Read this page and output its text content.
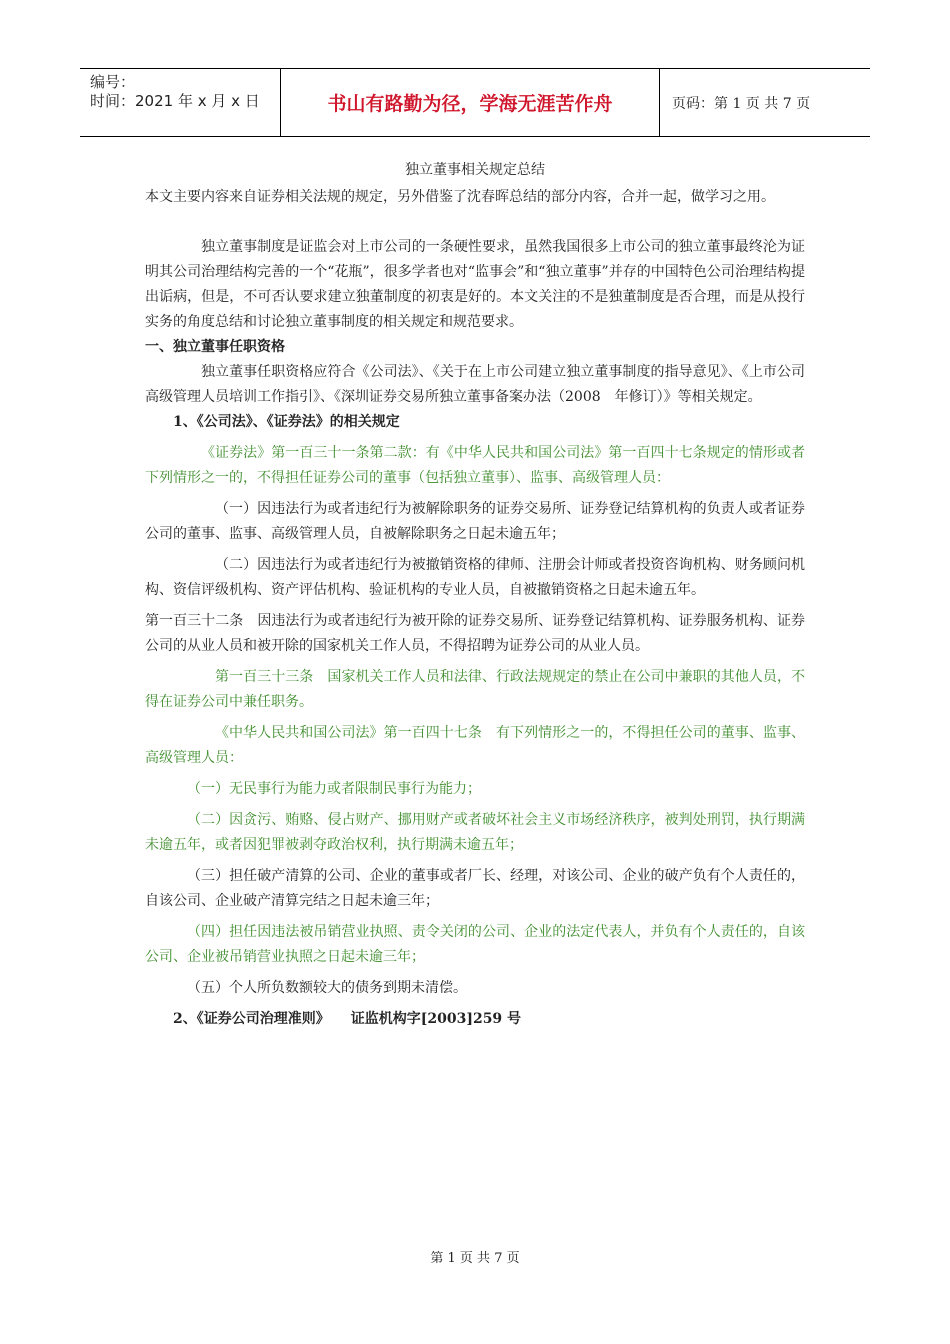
编号：
时间：2021 年 x 月 x 日	书山有路勤为径，学海无涯苦作舟	页码：第 1 页 共 7 页

独立董事相关规定总结

本文主要内容来自证券相关法规的规定，另外借鉴了沈春晖总结的部分内容，合并一起，做学习之用。

独立董事制度是证监会对上市公司的一条硬性要求，虽然我国很多上市公司的独立董事最终沦为证明其公司治理结构完善的一个“花瓶”，很多学者也对“监事会”和“独立董事”并存的中国特色公司治理结构提出诟病，但是，不可否认要求建立独董制度的初衷是好的。本文关注的不是独董制度是否合理，而是从投行实务的角度总结和讨论独立董事制度的相关规定和规范要求。

一、独立董事任职资格

独立董事任职资格应符合《公司法》、《关于在上市公司建立独立董事制度的指导意见》、《上市公司高级管理人员培训工作指引》、《深圳证券交易所独立董事备案办法（2008　年修订）》等相关规定。

1、《公司法》、《证券法》的相关规定

《证券法》第一百三十一条第二款：有《中华人民共和国公司法》第一百四十七条规定的情形或者下列情形之一的，不得担任证券公司的董事（包括独立董事）、监事、高级管理人员：

（一）因违法行为或者违纪行为被解除职务的证券交易所、证券登记结算机构的负责人或者证券公司的董事、监事、高级管理人员，自被解除职务之日起未逾五年；

（二）因违法行为或者违纪行为被撤销资格的律师、注册会计师或者投资咨询机构、财务顾问机构、资信评级机构、资产评估机构、验证机构的专业人员，自被撤销资格之日起未逾五年。

第一百三十二条　因违法行为或者违纪行为被开除的证券交易所、证券登记结算机构、证券服务机构、证券公司的从业人员和被开除的国家机关工作人员，不得招聘为证券公司的从业人员。

第一百三十三条　国家机关工作人员和法律、行政法规规定的禁止在公司中兼职的其他人员，不得在证券公司中兼任职务。

《中华人民共和国公司法》第一百四十七条　有下列情形之一的，不得担任公司的董事、监事、高级管理人员：

（一）无民事行为能力或者限制民事行为能力；

（二）因贪污、贿赂、侵占财产、挪用财产或者破坏社会主义市场经济秩序，被判处刑罚，执行期满未逾五年，或者因犯罪被剥夺政治权利，执行期满未逾五年；

（三）担任破产清算的公司、企业的董事或者厂长、经理，对该公司、企业的破产负有个人责任的，自该公司、企业破产清算完结之日起未逾三年；

（四）担任因违法被吊销营业执照、责令关闭的公司、企业的法定代表人，并负有个人责任的，自该公司、企业被吊销营业执照之日起未逾三年；

（五）个人所负数额较大的债务到期未清偿。

2、《证券公司治理准则》　　证监机构字[2003]259 号

第 1 页 共 7 页
